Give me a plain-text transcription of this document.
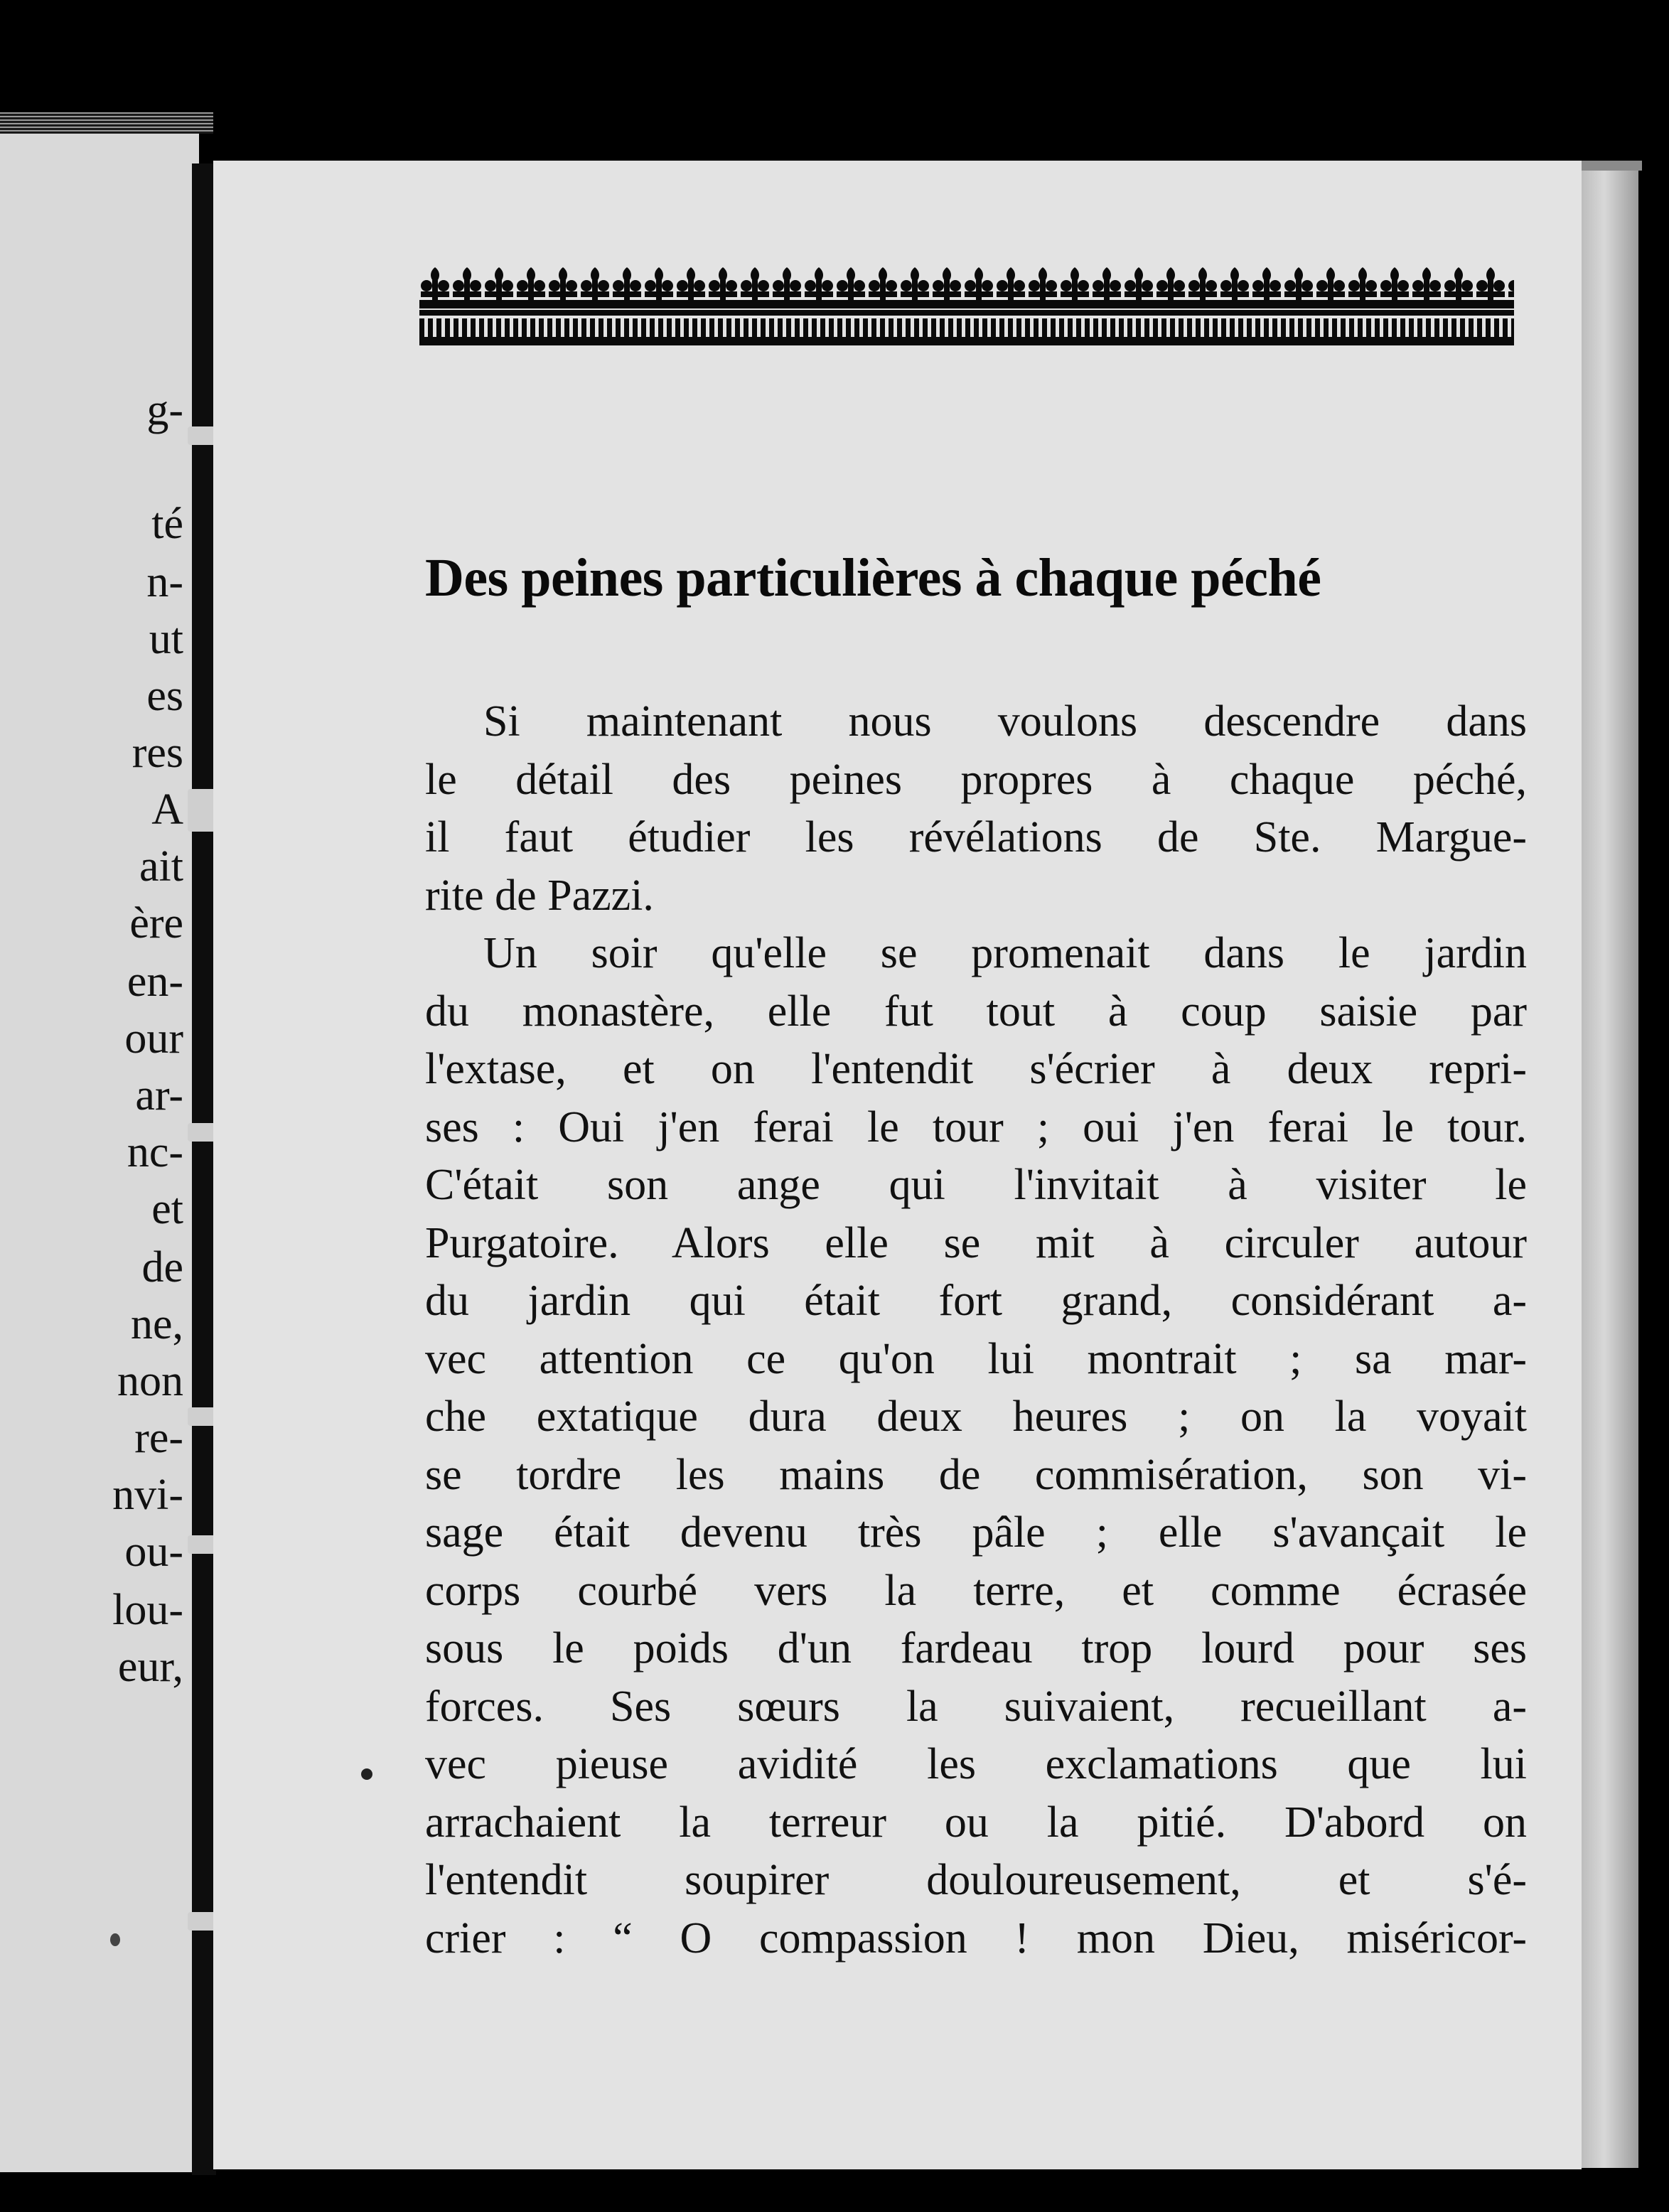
g-
té
n-
ut
es
res
A
ait
ère
en-
our
ar-
nc-
et
de
ne,
non
re-
nvi-
ou-
lou-
eur,
Des peines particulières à chaque péché
Si maintenant nous voulons descendre dans
le détail des peines propres à chaque péché,
il faut étudier les révélations de Ste. Margue-
rite de Pazzi.
Un soir qu'elle se promenait dans le jardin
du monastère, elle fut tout à coup saisie par
l'extase, et on l'entendit s'écrier à deux repri-
ses : Oui j'en ferai le tour ; oui j'en ferai le tour.
C'était son ange qui l'invitait à visiter le
Purgatoire. Alors elle se mit à circuler autour
du jardin qui était fort grand, considérant a-
vec attention ce qu'on lui montrait ; sa mar-
che extatique dura deux heures ; on la voyait
se tordre les mains de commisération, son vi-
sage était devenu très pâle ; elle s'avançait le
corps courbé vers la terre, et comme écrasée
sous le poids d'un fardeau trop lourd pour ses
forces. Ses sœurs la suivaient, recueillant a-
vec pieuse avidité les exclamations que lui
arrachaient la terreur ou la pitié. D'abord on
l'entendit soupirer douloureusement, et s'é-
crier : “ O compassion ! mon Dieu, miséricor-
